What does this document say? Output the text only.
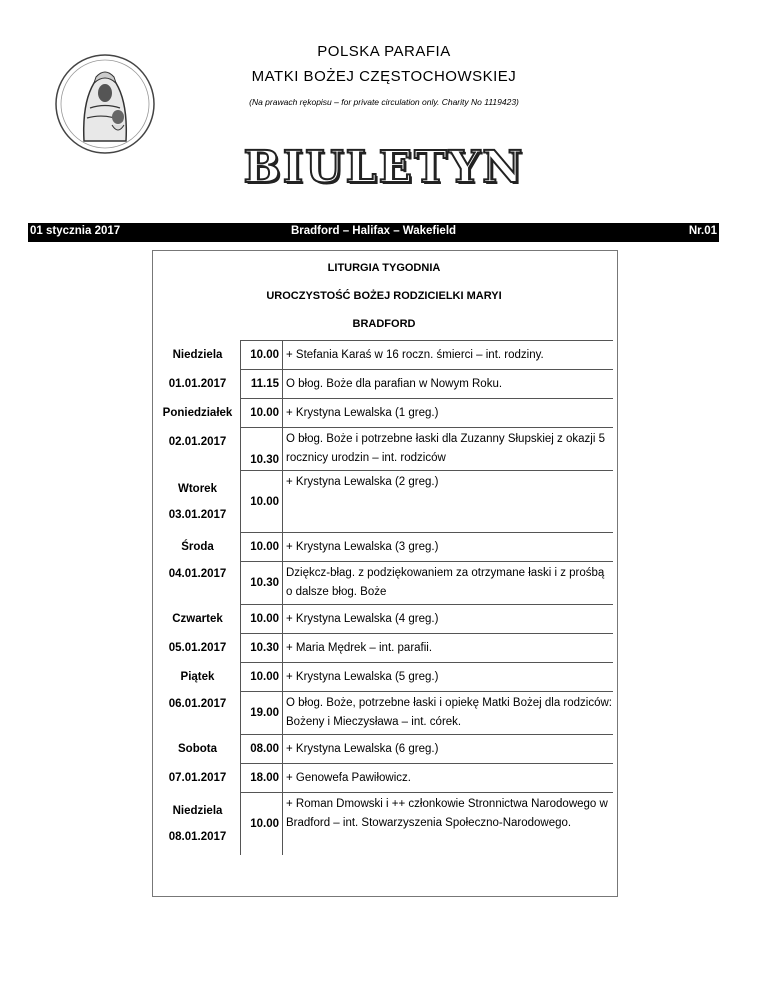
POLSKA PARAFIA
MATKI BOŻEJ CZĘSTOCHOWSKIEJ
(Na prawach rękopisu – for private circulation only. Charity No 1119423)
BIULETYN
01 stycznia 2017	Bradford – Halifax – Wakefield	Nr.01
LITURGIA TYGODNIA
UROCZYSTOŚĆ BOŻEJ RODZICIELKI MARYI
BRADFORD
Niedziela	10.00	+ Stefania Karaś w 16 roczn. śmierci – int. rodziny.
01.01.2017	11.15	O błog. Boże dla parafian w Nowym Roku.
Poniedziałek	10.00	+ Krystyna Lewalska (1 greg.)
02.01.2017	10.30	O błog. Boże i potrzebne łaski dla Zuzanny Słupskiej z okazji 5 rocznicy urodzin – int. rodziców

Wtorek
03.01.2017	10.00	+ Krystyna Lewalska (2 greg.)
Środa	10.00	+ Krystyna Lewalska (3 greg.)
04.01.2017	10.30	Dziękcz-błag. z podziękowaniem za otrzymane łaski i z prośbą o dalsze błog. Boże
Czwartek	10.00	+ Krystyna Lewalska (4 greg.)
05.01.2017	10.30	+ Maria Mędrek – int. parafii.
Piątek	10.00	+ Krystyna Lewalska (5 greg.)
06.01.2017	19.00	O błog. Boże, potrzebne łaski i opiekę Matki Bożej dla rodziców: Bożeny i Mieczysława – int. córek.
Sobota	08.00	+ Krystyna Lewalska (6 greg.)
07.01.2017	18.00	+ Genowefa Pawiłowicz.

Niedziela
08.01.2017	10.00	+ Roman Dmowski i ++ członkowie Stronnictwa Narodowego w Bradford – int. Stowarzyszenia Społeczno-Narodowego.
